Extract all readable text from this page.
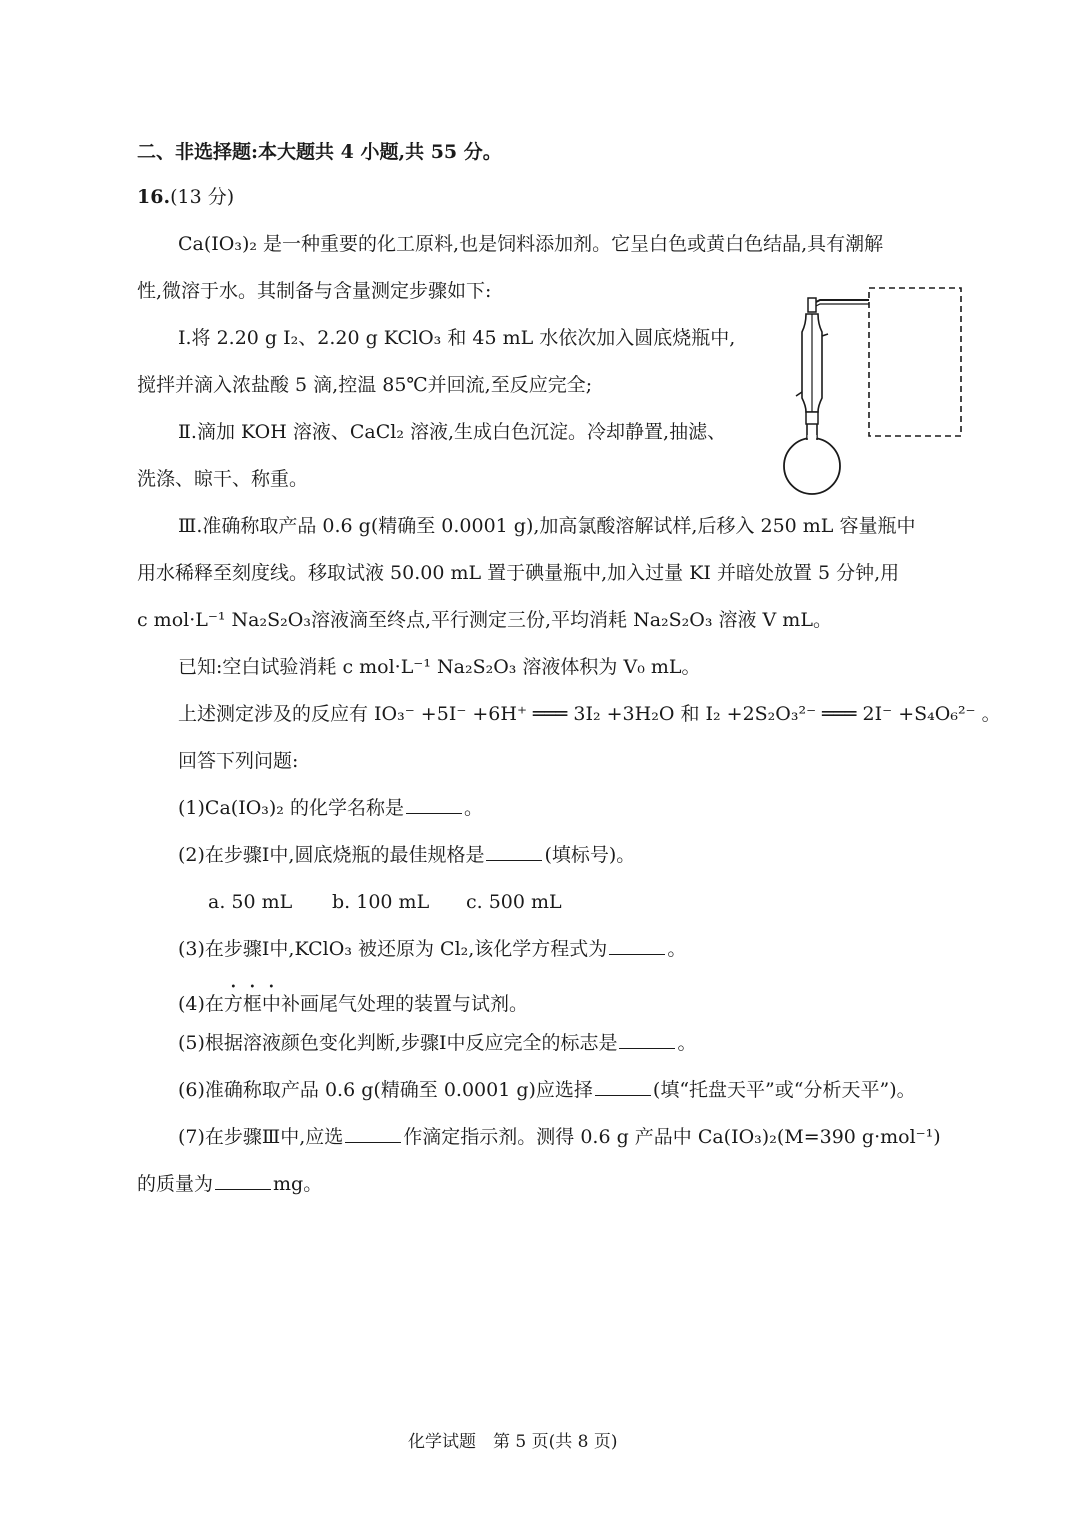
二、非选择题:本大题共 4 小题,共 55 分。
16.(13 分)
Ca(IO₃)₂ 是一种重要的化工原料,也是饲料添加剂。它呈白色或黄白色结晶,具有潮解
性,微溶于水。其制备与含量测定步骤如下:
Ⅰ.将 2.20 g I₂、2.20 g KClO₃ 和 45 mL 水依次加入圆底烧瓶中,
搅拌并滴入浓盐酸 5 滴,控温 85℃并回流,至反应完全;
Ⅱ.滴加 KOH 溶液、CaCl₂ 溶液,生成白色沉淀。冷却静置,抽滤、
洗涤、晾干、称重。
Ⅲ.准确称取产品 0.6 g(精确至 0.0001 g),加高氯酸溶解试样,后移入 250 mL 容量瓶中
用水稀释至刻度线。移取试液 50.00 mL 置于碘量瓶中,加入过量 KI 并暗处放置 5 分钟,用
c mol·L⁻¹ Na₂S₂O₃溶液滴至终点,平行测定三份,平均消耗 Na₂S₂O₃ 溶液 V mL。
已知:空白试验消耗 c mol·L⁻¹ Na₂S₂O₃ 溶液体积为 V₀ mL。
上述测定涉及的反应有 IO₃⁻ +5I⁻ +6H⁺ ═══ 3I₂ +3H₂O 和 I₂ +2S₂O₃²⁻ ═══ 2I⁻ +S₄O₆²⁻ 。
回答下列问题:
(1)Ca(IO₃)₂ 的化学名称是	。
(2)在步骤Ⅰ中,圆底烧瓶的最佳规格是	(填标号)。
a. 50 mL b. 100 mL c. 500 mL
(3)在步骤Ⅰ中,KClO₃ 被还原为 Cl₂,该化学方程式为	。
(4)在方框中补画尾气处理的装置与试剂。
(5)根据溶液颜色变化判断,步骤Ⅰ中反应完全的标志是	。
(6)准确称取产品 0.6 g(精确至 0.0001 g)应选择	(填“托盘天平”或“分析天平”)。
(7)在步骤Ⅲ中,应选	作滴定指示剂。测得 0.6 g 产品中 Ca(IO₃)₂(M=390 g·mol⁻¹)
的质量为	mg。
化学试题　第 5 页(共 8 页)
